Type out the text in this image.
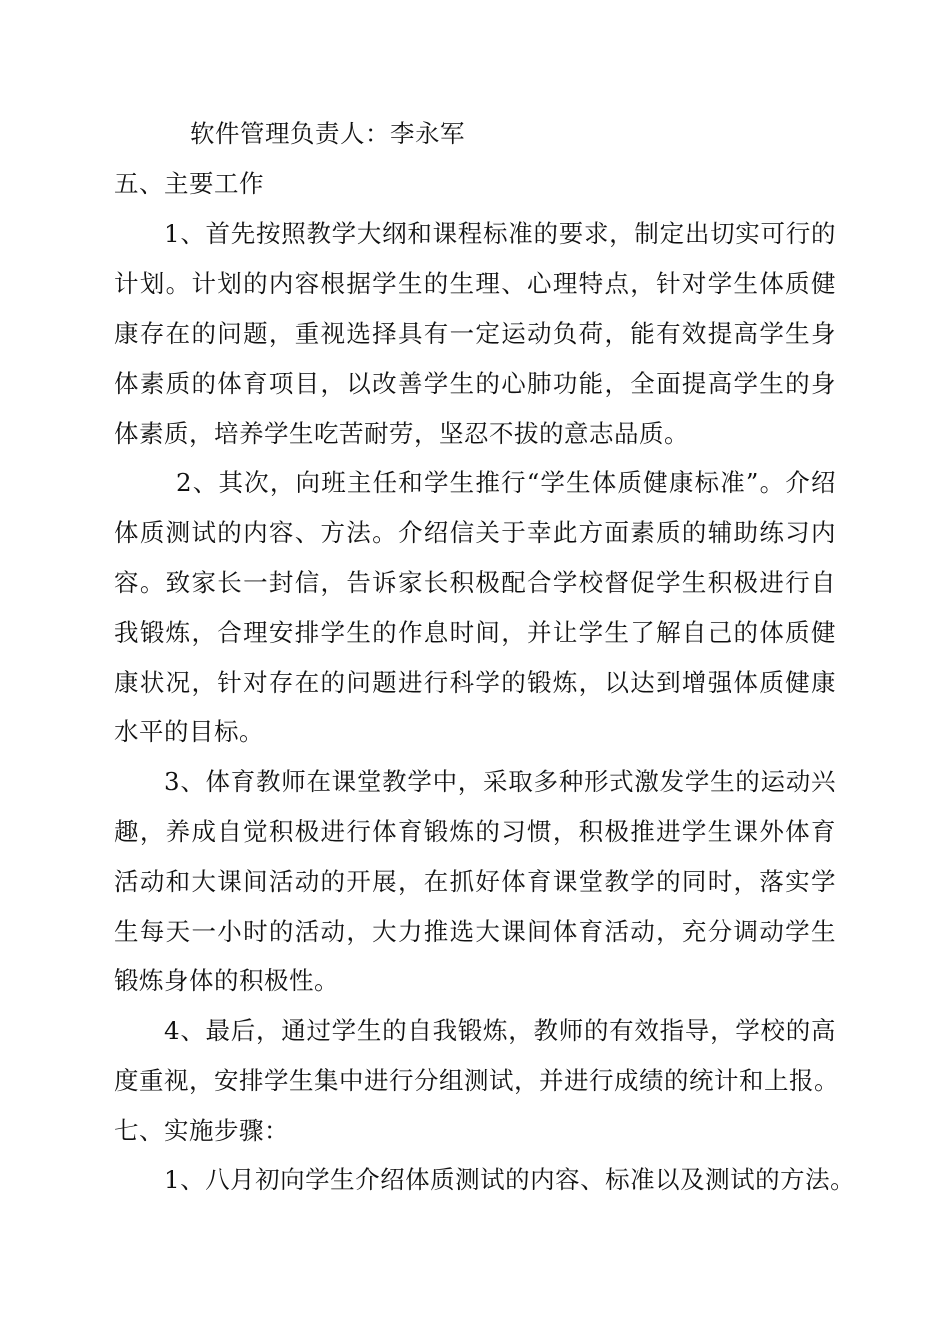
软件管理负责人：李永军
五、主要工作
1、首先按照教学大纲和课程标准的要求，制定出切实可行的
计划。计划的内容根据学生的生理、心理特点，针对学生体质健
康存在的问题，重视选择具有一定运动负荷，能有效提高学生身
体素质的体育项目，以改善学生的心肺功能，全面提高学生的身
体素质，培养学生吃苦耐劳，坚忍不拔的意志品质。
2、其次，向班主任和学生推行“学生体质健康标准”。介绍
体质测试的内容、方法。介绍信关于幸此方面素质的辅助练习内
容。致家长一封信，告诉家长积极配合学校督促学生积极进行自
我锻炼，合理安排学生的作息时间，并让学生了解自己的体质健
康状况，针对存在的问题进行科学的锻炼，以达到增强体质健康
水平的目标。
3、体育教师在课堂教学中，采取多种形式激发学生的运动兴
趣，养成自觉积极进行体育锻炼的习惯，积极推进学生课外体育
活动和大课间活动的开展，在抓好体育课堂教学的同时，落实学
生每天一小时的活动，大力推选大课间体育活动，充分调动学生
锻炼身体的积极性。
4、最后，通过学生的自我锻炼，教师的有效指导，学校的高
度重视，安排学生集中进行分组测试，并进行成绩的统计和上报。
七、实施步骤：
1、八月初向学生介绍体质测试的内容、标准以及测试的方法。
